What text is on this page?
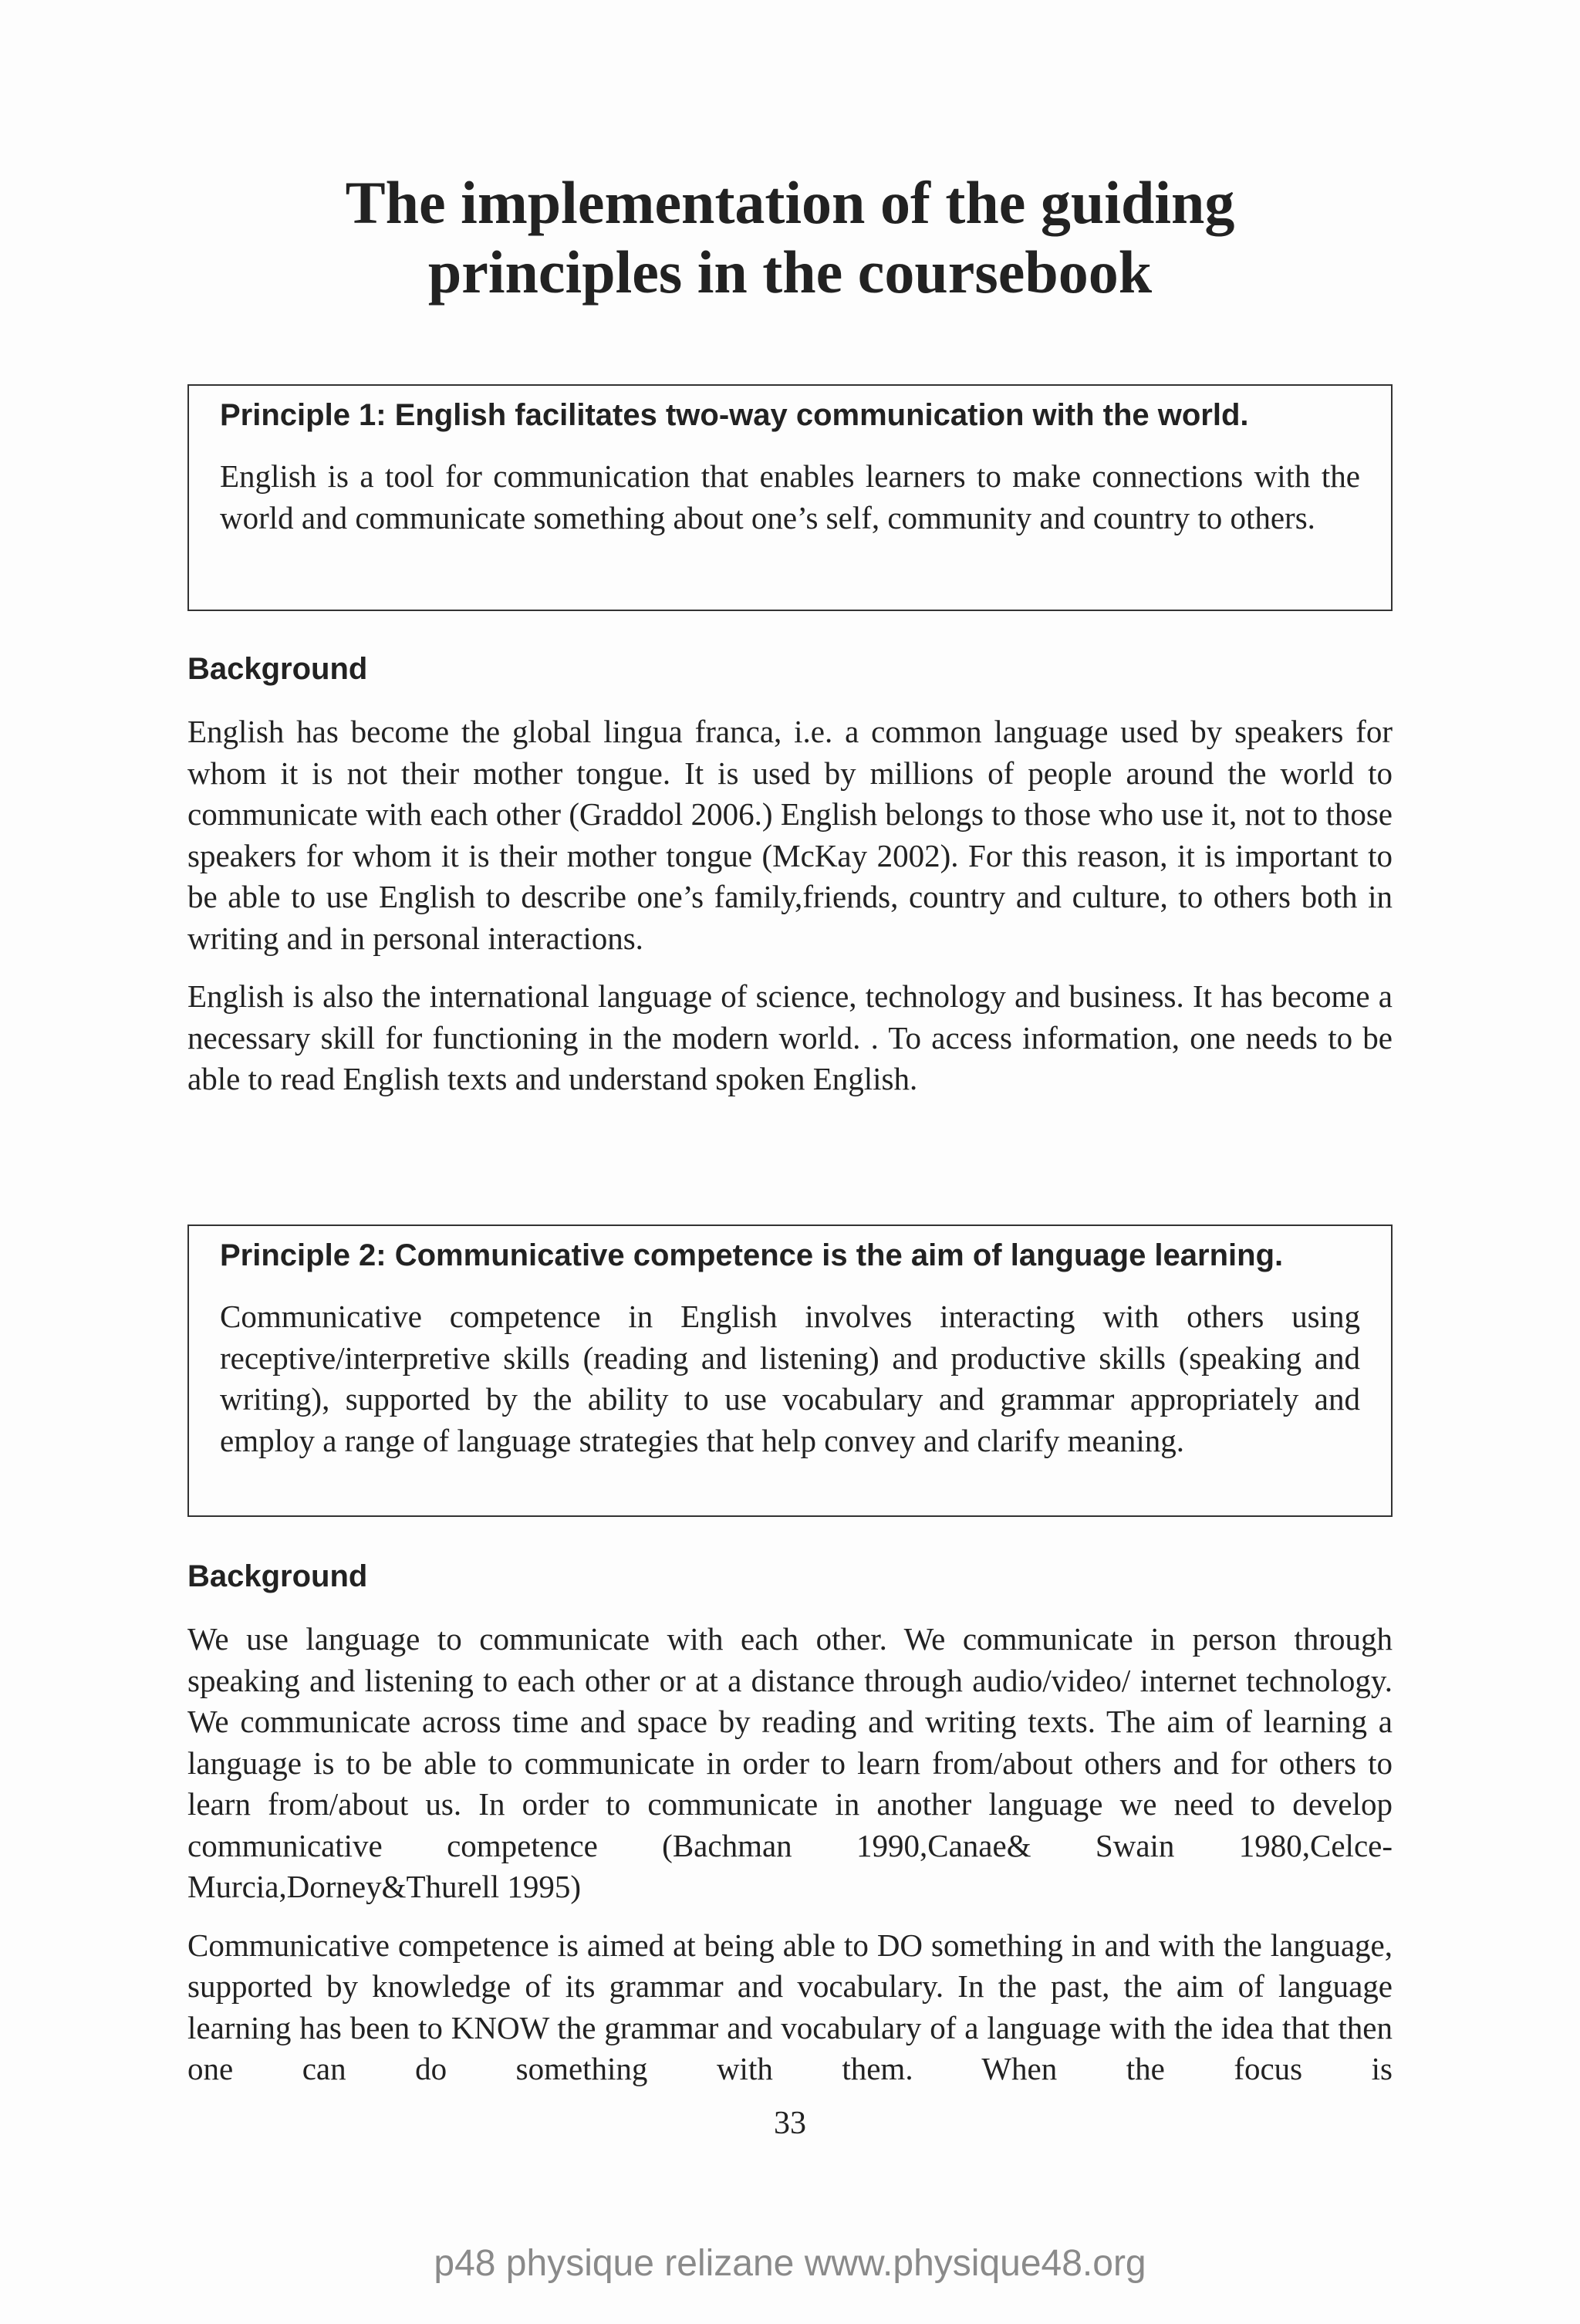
The implementation of the guiding
principles in the coursebook
Principle 1: English facilitates two-way communication with the world.

English is a tool for communication that enables learners to make connections with the world and communicate something about one’s self, community and country to others.

Background

English has become the global lingua franca, i.e. a common language used by speakers for whom it is not their mother tongue. It is used by millions of people around the world to communicate with each other (Graddol 2006.) English belongs to those who use it, not to those speakers for whom it is their mother tongue (McKay 2002). For this reason, it is important to be able to use English to describe one’s family,friends, country and culture, to others both in writing and in personal interactions.

English is also the international language of science, technology and business. It has become a necessary skill for functioning in the modern world. . To access information, one needs to be able to read English texts and understand spoken English.

Principle 2: Communicative competence is the aim of language learning.

Communicative competence in English involves interacting with others using receptive/interpretive skills (reading and listening) and productive skills (speaking and writing), supported by the ability to use vocabulary and grammar appropriately and employ a range of language strategies that help convey and clarify meaning.

Background

We use language to communicate with each other. We communicate in person through speaking and listening to each other or at a distance through audio/video/ internet technology. We communicate across time and space by reading and writing texts. The aim of learning a language is to be able to communicate in order to learn from/about others and for others to learn from/about us. In order to communicate in another language we need to develop communicative competence (Bachman 1990,Canae& Swain 1980,Celce-Murcia,Dorney&Thurell 1995)

Communicative competence is aimed at being able to DO something in and with the language, supported by knowledge of its grammar and vocabulary. In the past, the aim of language learning has been to KNOW the grammar and vocabulary of a language with the idea that then one can do something with them. When the focus is

33
p48 physique relizane www.physique48.org
